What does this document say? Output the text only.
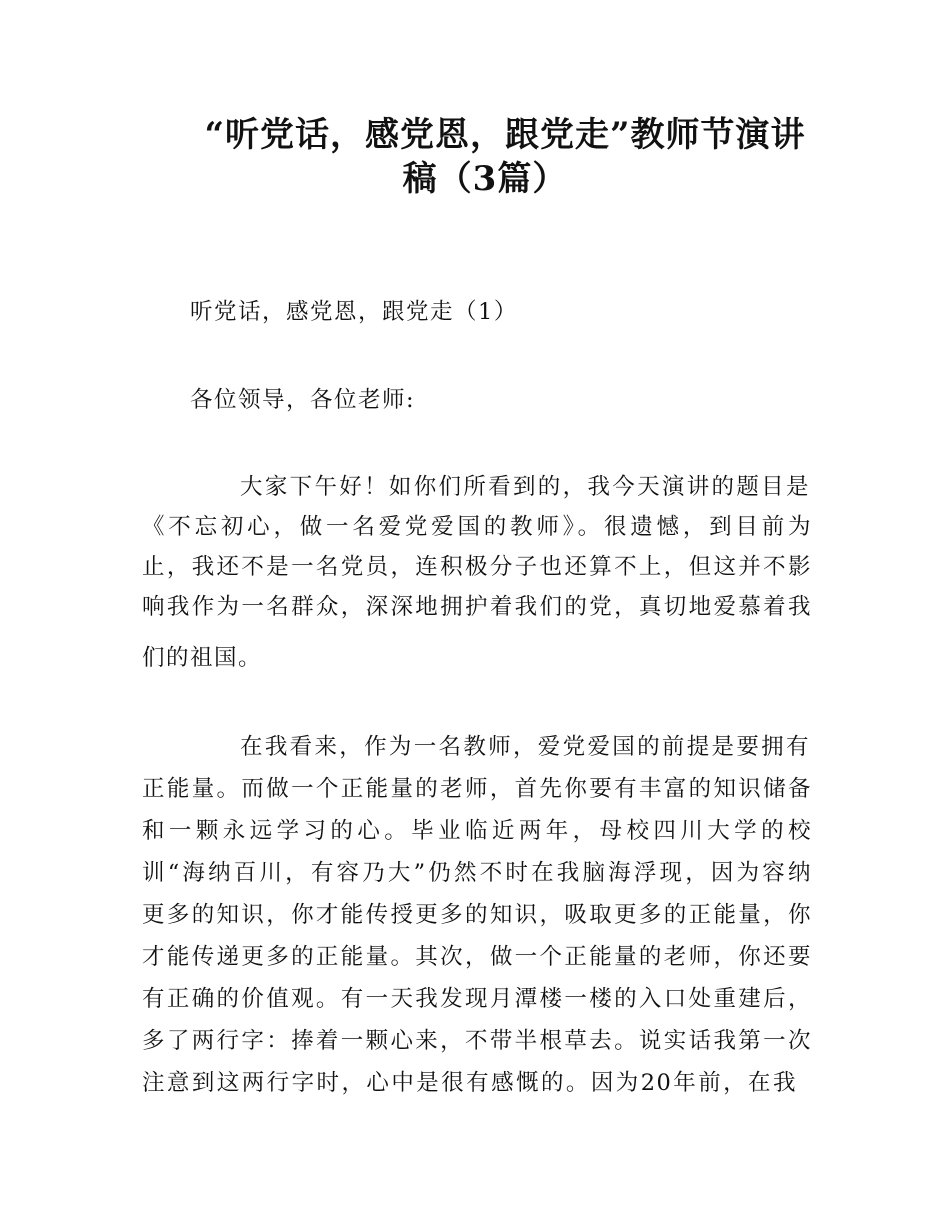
“听党话，感党恩，跟党走”教师节演讲
稿（3篇）
听党话，感党恩，跟党走（1）
各位领导，各位老师:
大家下午好！如你们所看到的，我今天演讲的题目是
《不忘初心，做一名爱党爱国的教师》。很遗憾，到目前为
止，我还不是一名党员，连积极分子也还算不上，但这并不影
响我作为一名群众，深深地拥护着我们的党，真切地爱慕着我
们的祖国。
在我看来，作为一名教师，爱党爱国的前提是要拥有
正能量。而做一个正能量的老师，首先你要有丰富的知识储备
和一颗永远学习的心。毕业临近两年，母校四川大学的校
训“海纳百川，有容乃大”仍然不时在我脑海浮现，因为容纳
更多的知识，你才能传授更多的知识，吸取更多的正能量，你
才能传递更多的正能量。其次，做一个正能量的老师，你还要
有正确的价值观。有一天我发现月潭楼一楼的入口处重建后，
多了两行字：捧着一颗心来，不带半根草去。说实话我第一次
注意到这两行字时，心中是很有感慨的。因为20年前，在我
